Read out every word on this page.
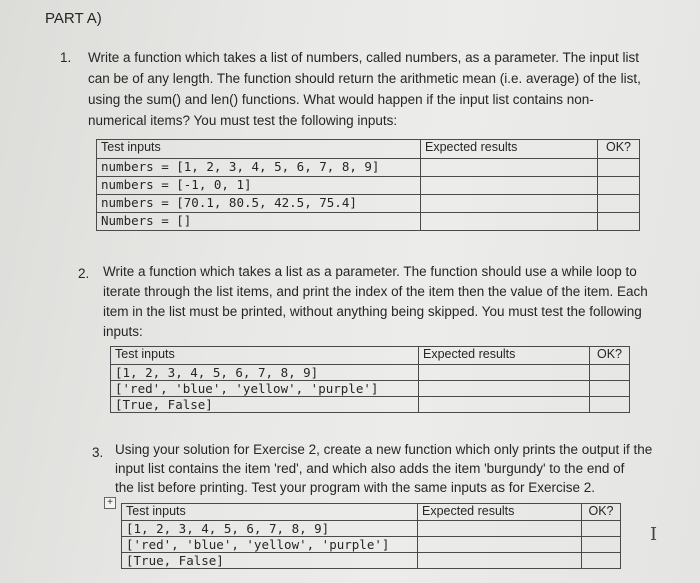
PART A)
1. Write a function which takes a list of numbers, called numbers, as a parameter. The input list
can be of any length. The function should return the arithmetic mean (i.e. average) of the list,
using the sum() and len() functions. What would happen if the input list contains non-
numerical items? You must test the following inputs:
Test inputs	Expected results	OK?
numbers = [1, 2, 3, 4, 5, 6, 7, 8, 9]		
numbers = [-1, 0, 1]		
numbers = [70.1, 80.5, 42.5, 75.4]		
Numbers = []		
2. Write a function which takes a list as a parameter. The function should use a while loop to
iterate through the list items, and print the index of the item then the value of the item. Each
item in the list must be printed, without anything being skipped. You must test the following
inputs:
Test inputs	Expected results	OK?
[1, 2, 3, 4, 5, 6, 7, 8, 9]		
['red', 'blue', 'yellow', 'purple']		
[True, False]		
3. Using your solution for Exercise 2, create a new function which only prints the output if the
input list contains the item 'red', and which also adds the item 'burgundy' to the end of
the list before printing. Test your program with the same inputs as for Exercise 2.
+
Test inputs	Expected results	OK?
[1, 2, 3, 4, 5, 6, 7, 8, 9]		
['red', 'blue', 'yellow', 'purple']		
[True, False]		
I
